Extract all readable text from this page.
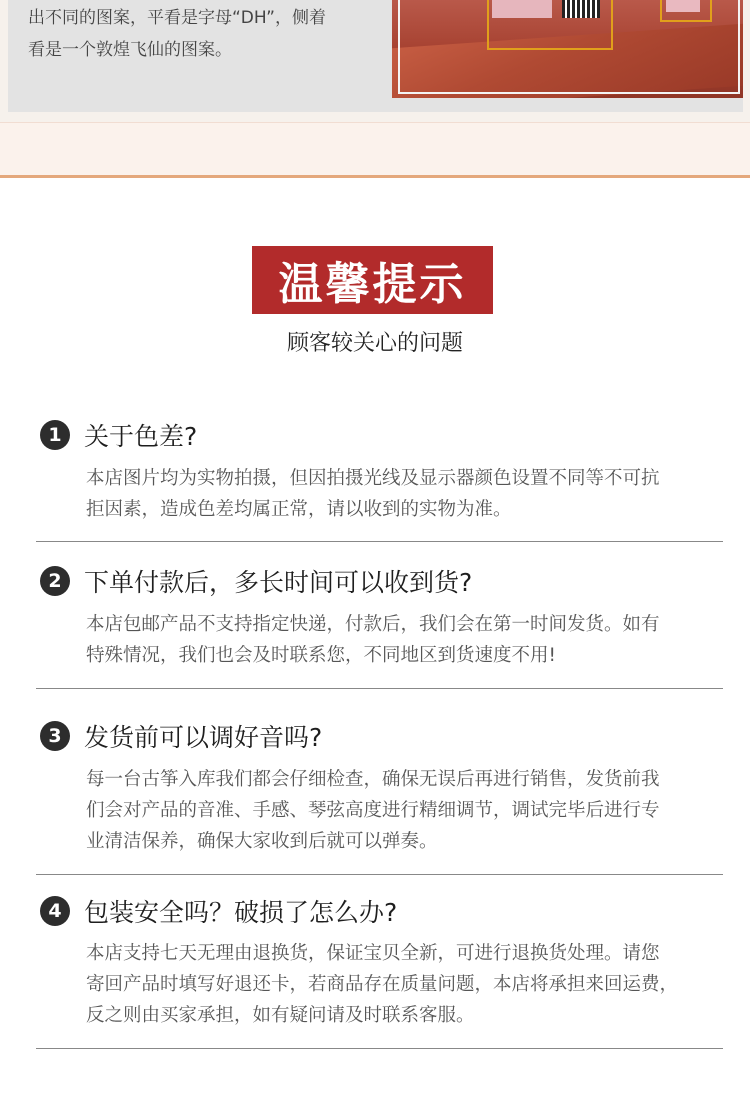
出不同的图案，平看是字母“DH”，侧着

看是一个敦煌飞仙的图案。

温馨提示
顾客较关心的问题
1 关于色差?
本店图片均为实物拍摄，但因拍摄光线及显示器颜色设置不同等不可抗
拒因素，造成色差均属正常，请以收到的实物为准。
2 下单付款后，多长时间可以收到货?
本店包邮产品不支持指定快递，付款后，我们会在第一时间发货。如有
特殊情况，我们也会及时联系您，不同地区到货速度不用!
3 发货前可以调好音吗?
每一台古筝入库我们都会仔细检查，确保无误后再进行销售，发货前我
们会对产品的音准、手感、琴弦高度进行精细调节，调试完毕后进行专
业清洁保养，确保大家收到后就可以弹奏。
4 包装安全吗？破损了怎么办?
本店支持七天无理由退换货，保证宝贝全新，可进行退换货处理。请您
寄回产品时填写好退还卡，若商品存在质量问题，本店将承担来回运费，
反之则由买家承担，如有疑问请及时联系客服。
